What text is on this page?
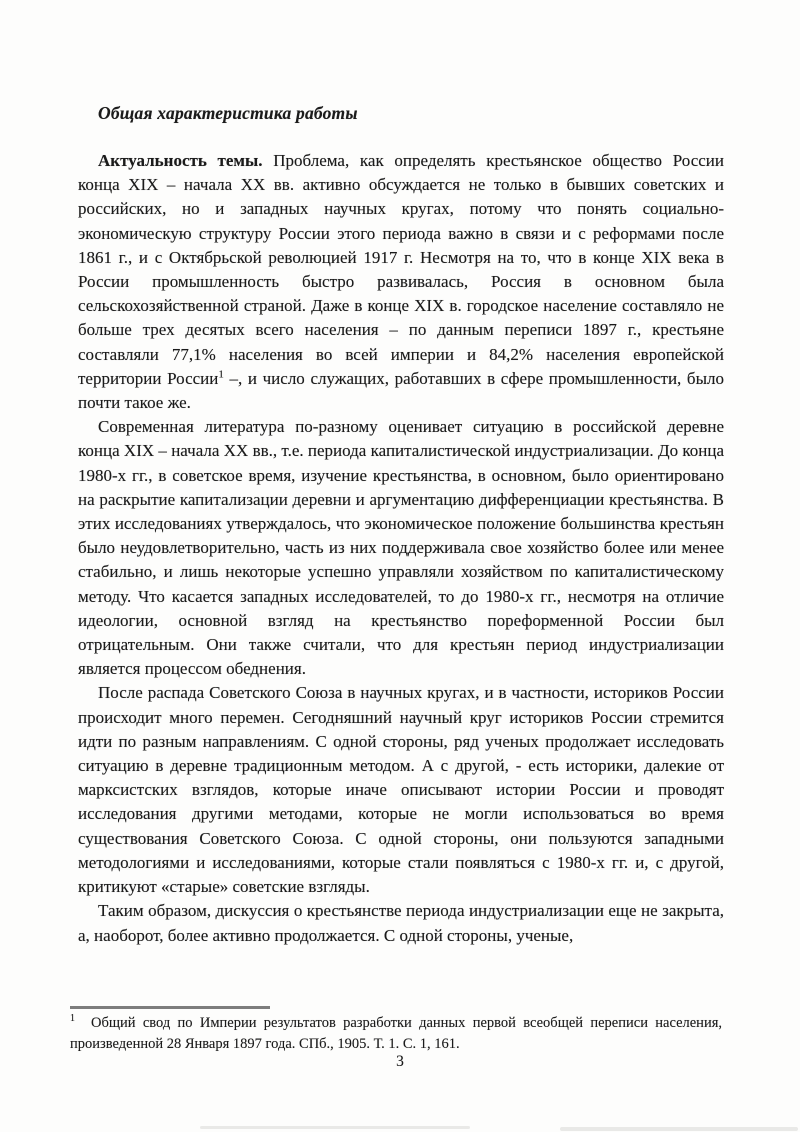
Общая характеристика работы

Актуальность темы. Проблема, как определять крестьянское общество России конца XIX – начала XX вв. активно обсуждается не только в бывших советских и российских, но и западных научных кругах, потому что понять социально-экономическую структуру России этого периода важно в связи и с реформами после 1861 г., и с Октябрьской революцией 1917 г. Несмотря на то, что в конце XIX века в России промышленность быстро развивалась, Россия в основном была сельскохозяйственной страной. Даже в конце XIX в. городское население составляло не больше трех десятых всего населения – по данным переписи 1897 г., крестьяне составляли 77,1% населения во всей империи и 84,2% населения европейской территории России$^1$ –, и число служащих, работавших в сфере промышленности, было почти такое же.

Современная литература по-разному оценивает ситуацию в российской деревне конца XIX – начала XX вв., т.е. периода капиталистической индустриализации. До конца 1980-х гг., в советское время, изучение крестьянства, в основном, было ориентировано на раскрытие капитализации деревни и аргументацию дифференциации крестьянства. В этих исследованиях утверждалось, что экономическое положение большинства крестьян было неудовлетворительно, часть из них поддерживала свое хозяйство более или менее стабильно, и лишь некоторые успешно управляли хозяйством по капиталистическому методу. Что касается западных исследователей, то до 1980-х гг., несмотря на отличие идеологии, основной взгляд на крестьянство пореформенной России был отрицательным. Они также считали, что для крестьян период индустриализации является процессом обеднения.

После распада Советского Союза в научных кругах, и в частности, историков России происходит много перемен. Сегодняшний научный круг историков России стремится идти по разным направлениям. С одной стороны, ряд ученых продолжает исследовать ситуацию в деревне традиционным методом. А с другой, - есть историки, далекие от марксистских взглядов, которые иначе описывают истории России и проводят исследования другими методами, которые не могли использоваться во время существования Советского Союза. С одной стороны, они пользуются западными методологиями и исследованиями, которые стали появляться с 1980-х гг. и, с другой, критикуют «старые» советские взгляды.

Таким образом, дискуссия о крестьянстве периода индустриализации еще не закрыта, а, наоборот, более активно продолжается. С одной стороны, ученые,

$^1$ Общий свод по Империи результатов разработки данных первой всеобщей переписи населения, произведенной 28 Января 1897 года. СПб., 1905. Т. 1. С. 1, 161.

3
